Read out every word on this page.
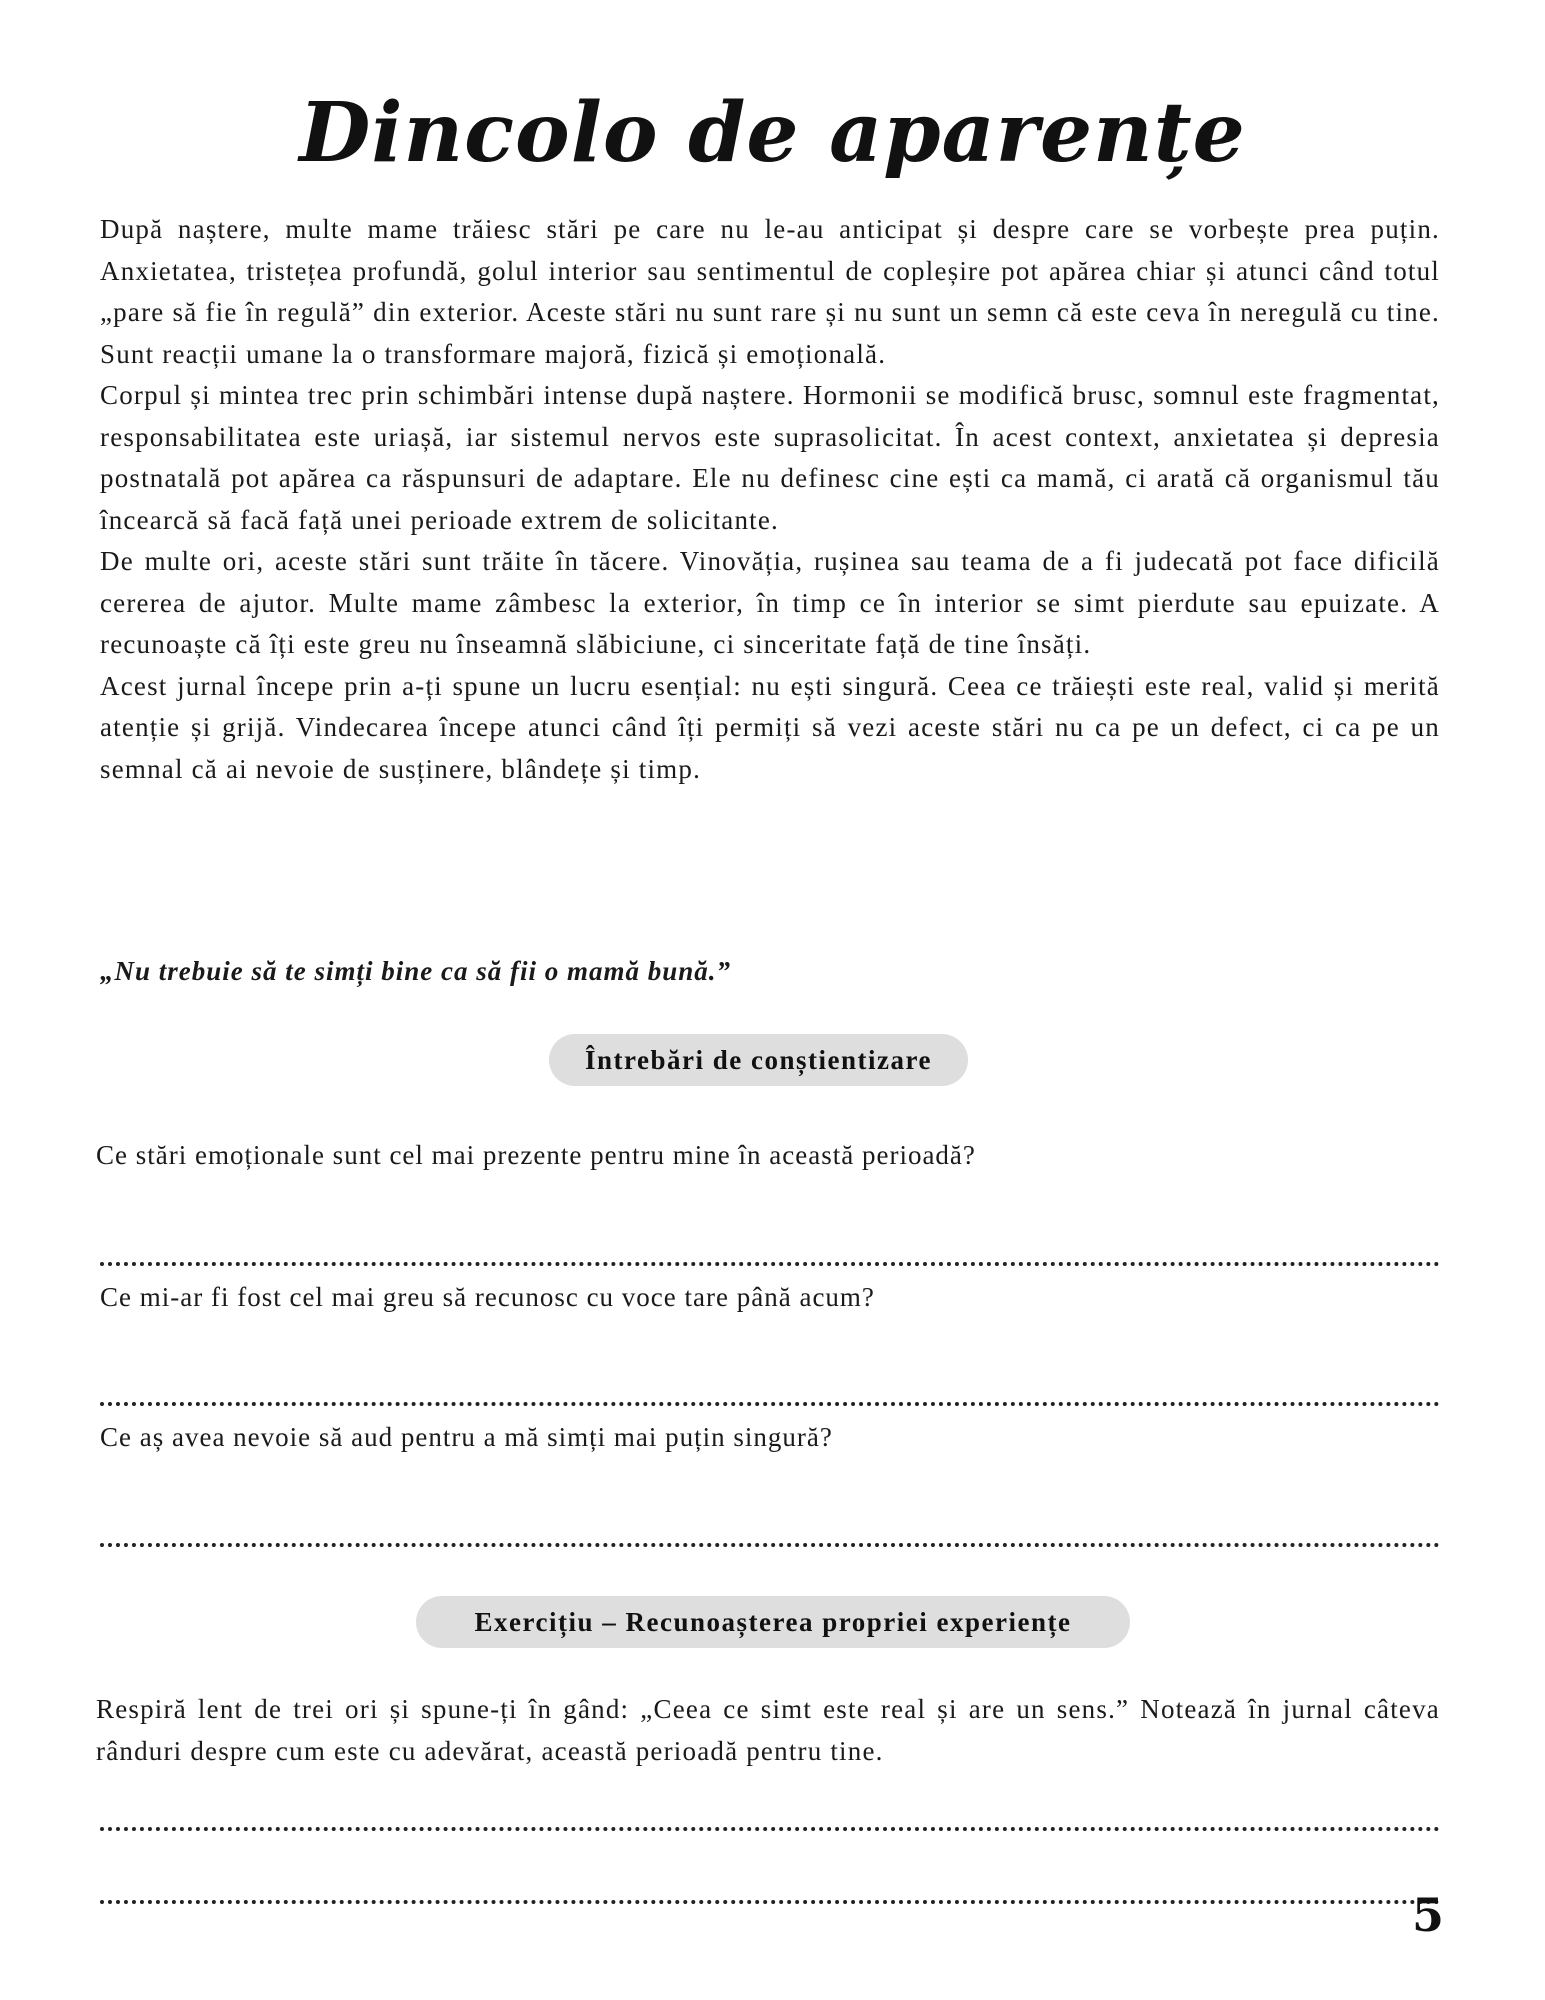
Dincolo de aparențe

După naștere, multe mame trăiesc stări pe care nu le-au anticipat și despre care se vorbește prea puțin. Anxietatea, tristețea profundă, golul interior sau sentimentul de copleșire pot apărea chiar și atunci când totul „pare să fie în regulă” din exterior. Aceste stări nu sunt rare și nu sunt un semn că este ceva în neregulă cu tine. Sunt reacții umane la o transformare majoră, fizică și emoțională.

Corpul și mintea trec prin schimbări intense după naștere. Hormonii se modifică brusc, somnul este fragmentat, responsabilitatea este uriașă, iar sistemul nervos este suprasolicitat. În acest context, anxietatea și depresia postnatală pot apărea ca răspunsuri de adaptare. Ele nu definesc cine ești ca mamă, ci arată că organismul tău încearcă să facă față unei perioade extrem de solicitante.

De multe ori, aceste stări sunt trăite în tăcere. Vinovăția, rușinea sau teama de a fi judecată pot face dificilă cererea de ajutor. Multe mame zâmbesc la exterior, în timp ce în interior se simt pierdute sau epuizate. A recunoaște că îți este greu nu înseamnă slăbiciune, ci sinceritate față de tine însăți.

Acest jurnal începe prin a-ți spune un lucru esențial: nu ești singură. Ceea ce trăiești este real, valid și merită atenție și grijă. Vindecarea începe atunci când îți permiți să vezi aceste stări nu ca pe un defect, ci ca pe un semnal că ai nevoie de susținere, blândețe și timp.

„Nu trebuie să te simți bine ca să fii o mamă bună.”

Întrebări de conștientizare

Ce stări emoționale sunt cel mai prezente pentru mine în această perioadă?

Ce mi-ar fi fost cel mai greu să recunosc cu voce tare până acum?

Ce aș avea nevoie să aud pentru a mă simți mai puțin singură?

Exercițiu – Recunoașterea propriei experiențe

Respiră lent de trei ori și spune-ți în gând: „Ceea ce simt este real și are un sens.” Notează în jurnal câteva rânduri despre cum este cu adevărat, această perioadă pentru tine.

5
